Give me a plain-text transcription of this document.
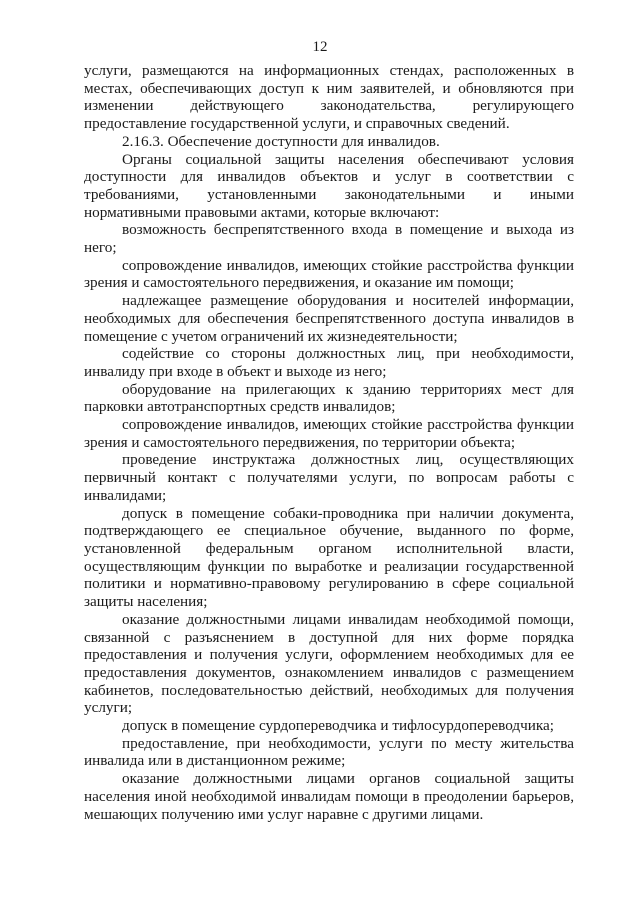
12

услуги, размещаются на информационных стендах, расположенных в местах, обеспечивающих доступ к ним заявителей, и обновляются при изменении действующего законодательства, регулирующего предоставление государственной услуги, и справочных сведений.

2.16.3. Обеспечение доступности для инвалидов.

Органы социальной защиты населения обеспечивают условия доступности для инвалидов объектов и услуг в соответствии с требованиями, установленными законодательными и иными нормативными правовыми актами, которые включают:

возможность беспрепятственного входа в помещение и выхода из него;

сопровождение инвалидов, имеющих стойкие расстройства функции зрения и самостоятельного передвижения, и оказание им помощи;

надлежащее размещение оборудования и носителей информации, необходимых для обеспечения беспрепятственного доступа инвалидов в помещение с учетом ограничений их жизнедеятельности;

содействие со стороны должностных лиц, при необходимости, инвалиду при входе в объект и выходе из него;

оборудование на прилегающих к зданию территориях мест для парковки автотранспортных средств инвалидов;

сопровождение инвалидов, имеющих стойкие расстройства функции зрения и самостоятельного передвижения, по территории объекта;

проведение инструктажа должностных лиц, осуществляющих первичный контакт с получателями услуги, по вопросам работы с инвалидами;

допуск в помещение собаки-проводника при наличии документа, подтверждающего ее специальное обучение, выданного по форме, установленной федеральным органом исполнительной власти, осуществляющим функции по выработке и реализации государственной политики и нормативно-правовому регулированию в сфере социальной защиты населения;

оказание должностными лицами инвалидам необходимой помощи, связанной с разъяснением в доступной для них форме порядка предоставления и получения услуги, оформлением необходимых для ее предоставления документов, ознакомлением инвалидов с размещением кабинетов, последовательностью действий, необходимых для получения услуги;

допуск в помещение сурдопереводчика и тифлосурдопереводчика;

предоставление, при необходимости, услуги по месту жительства инвалида или в дистанционном режиме;

оказание должностными лицами органов социальной защиты населения иной необходимой инвалидам помощи в преодолении барьеров, мешающих получению ими услуг наравне с другими лицами.
